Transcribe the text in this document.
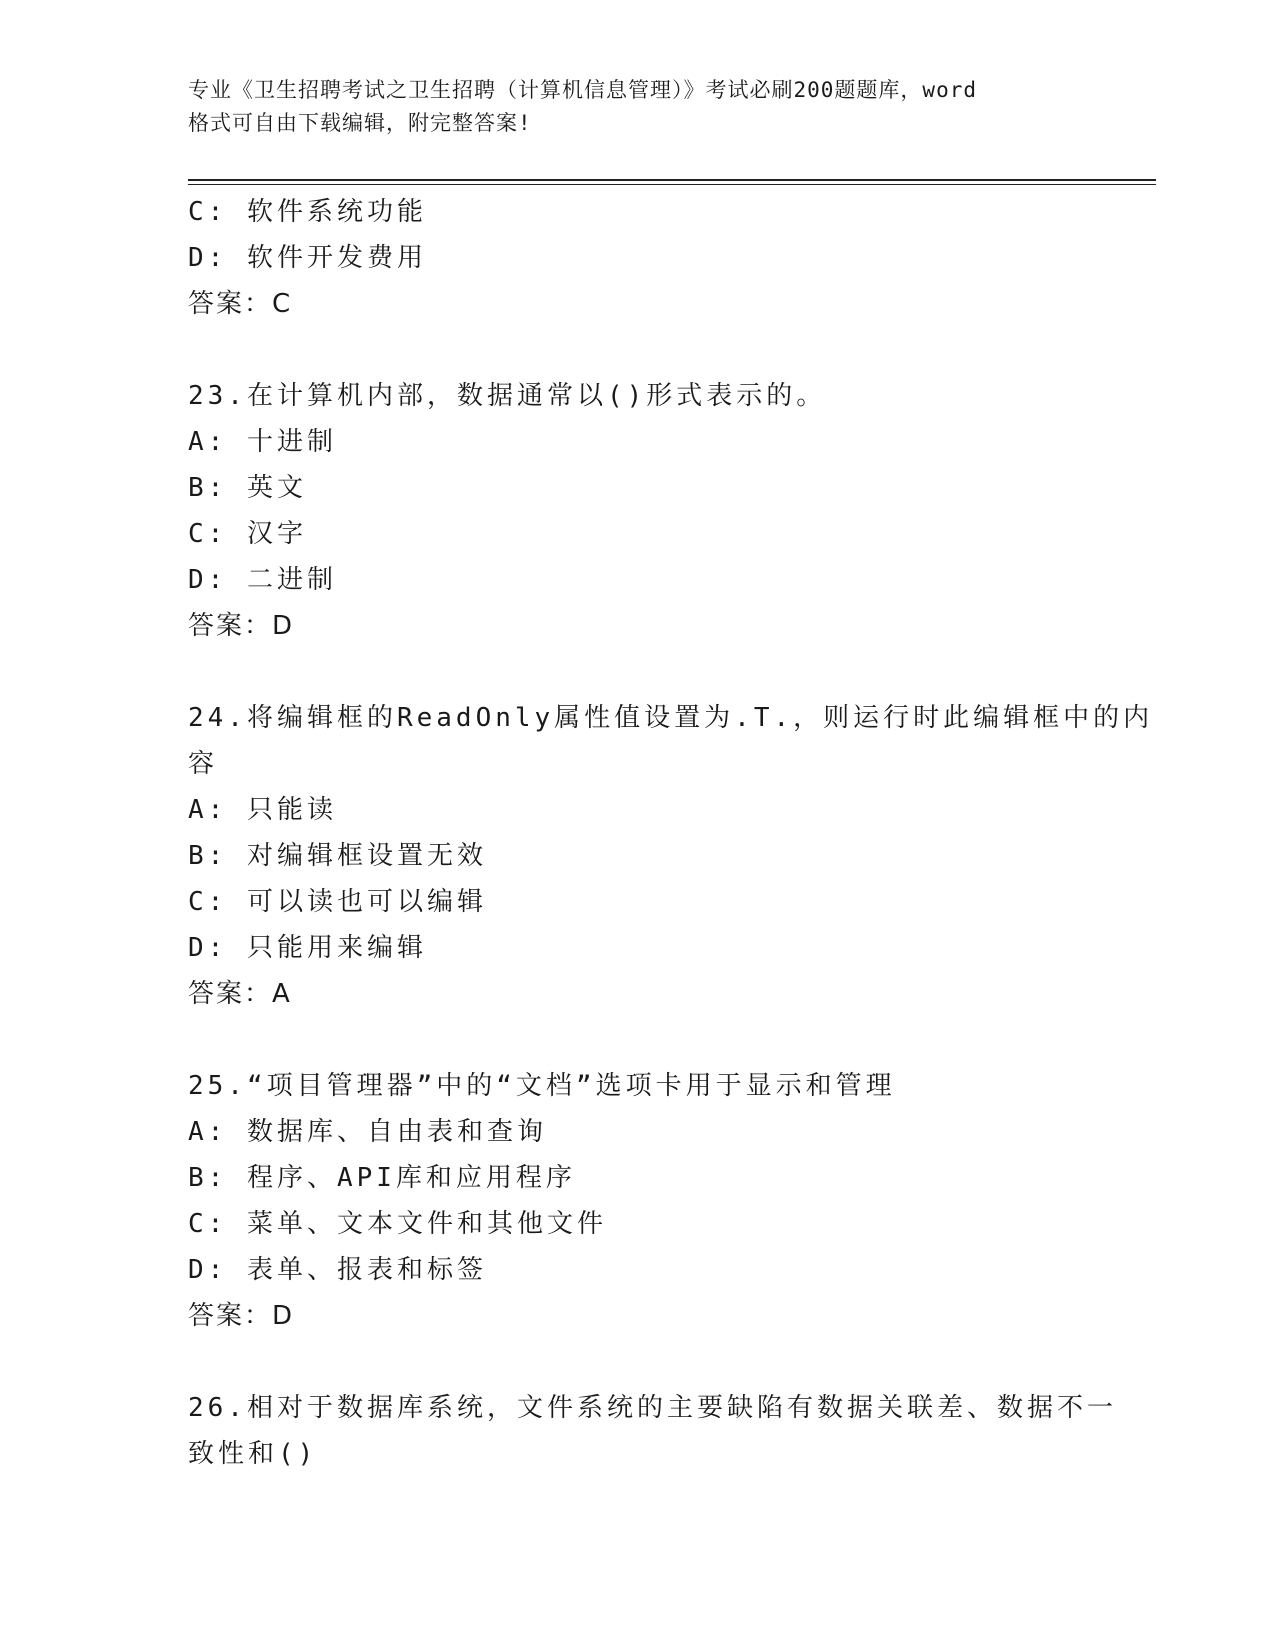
专业《卫生招聘考试之卫生招聘（计算机信息管理）》考试必刷200题题库，word
格式可自由下载编辑，附完整答案!
C: 软件系统功能
D: 软件开发费用
答案：C
23.在计算机内部，数据通常以()形式表示的。
A: 十进制
B: 英文
C: 汉字
D: 二进制
答案：D
24.将编辑框的ReadOnly属性值设置为.T.，则运行时此编辑框中的内
容
A: 只能读
B: 对编辑框设置无效
C: 可以读也可以编辑
D: 只能用来编辑
答案：A
25.“项目管理器”中的“文档”选项卡用于显示和管理
A: 数据库、自由表和查询
B: 程序、API库和应用程序
C: 菜单、文本文件和其他文件
D: 表单、报表和标签
答案：D
26.相对于数据库系统，文件系统的主要缺陷有数据关联差、数据不一
致性和()
